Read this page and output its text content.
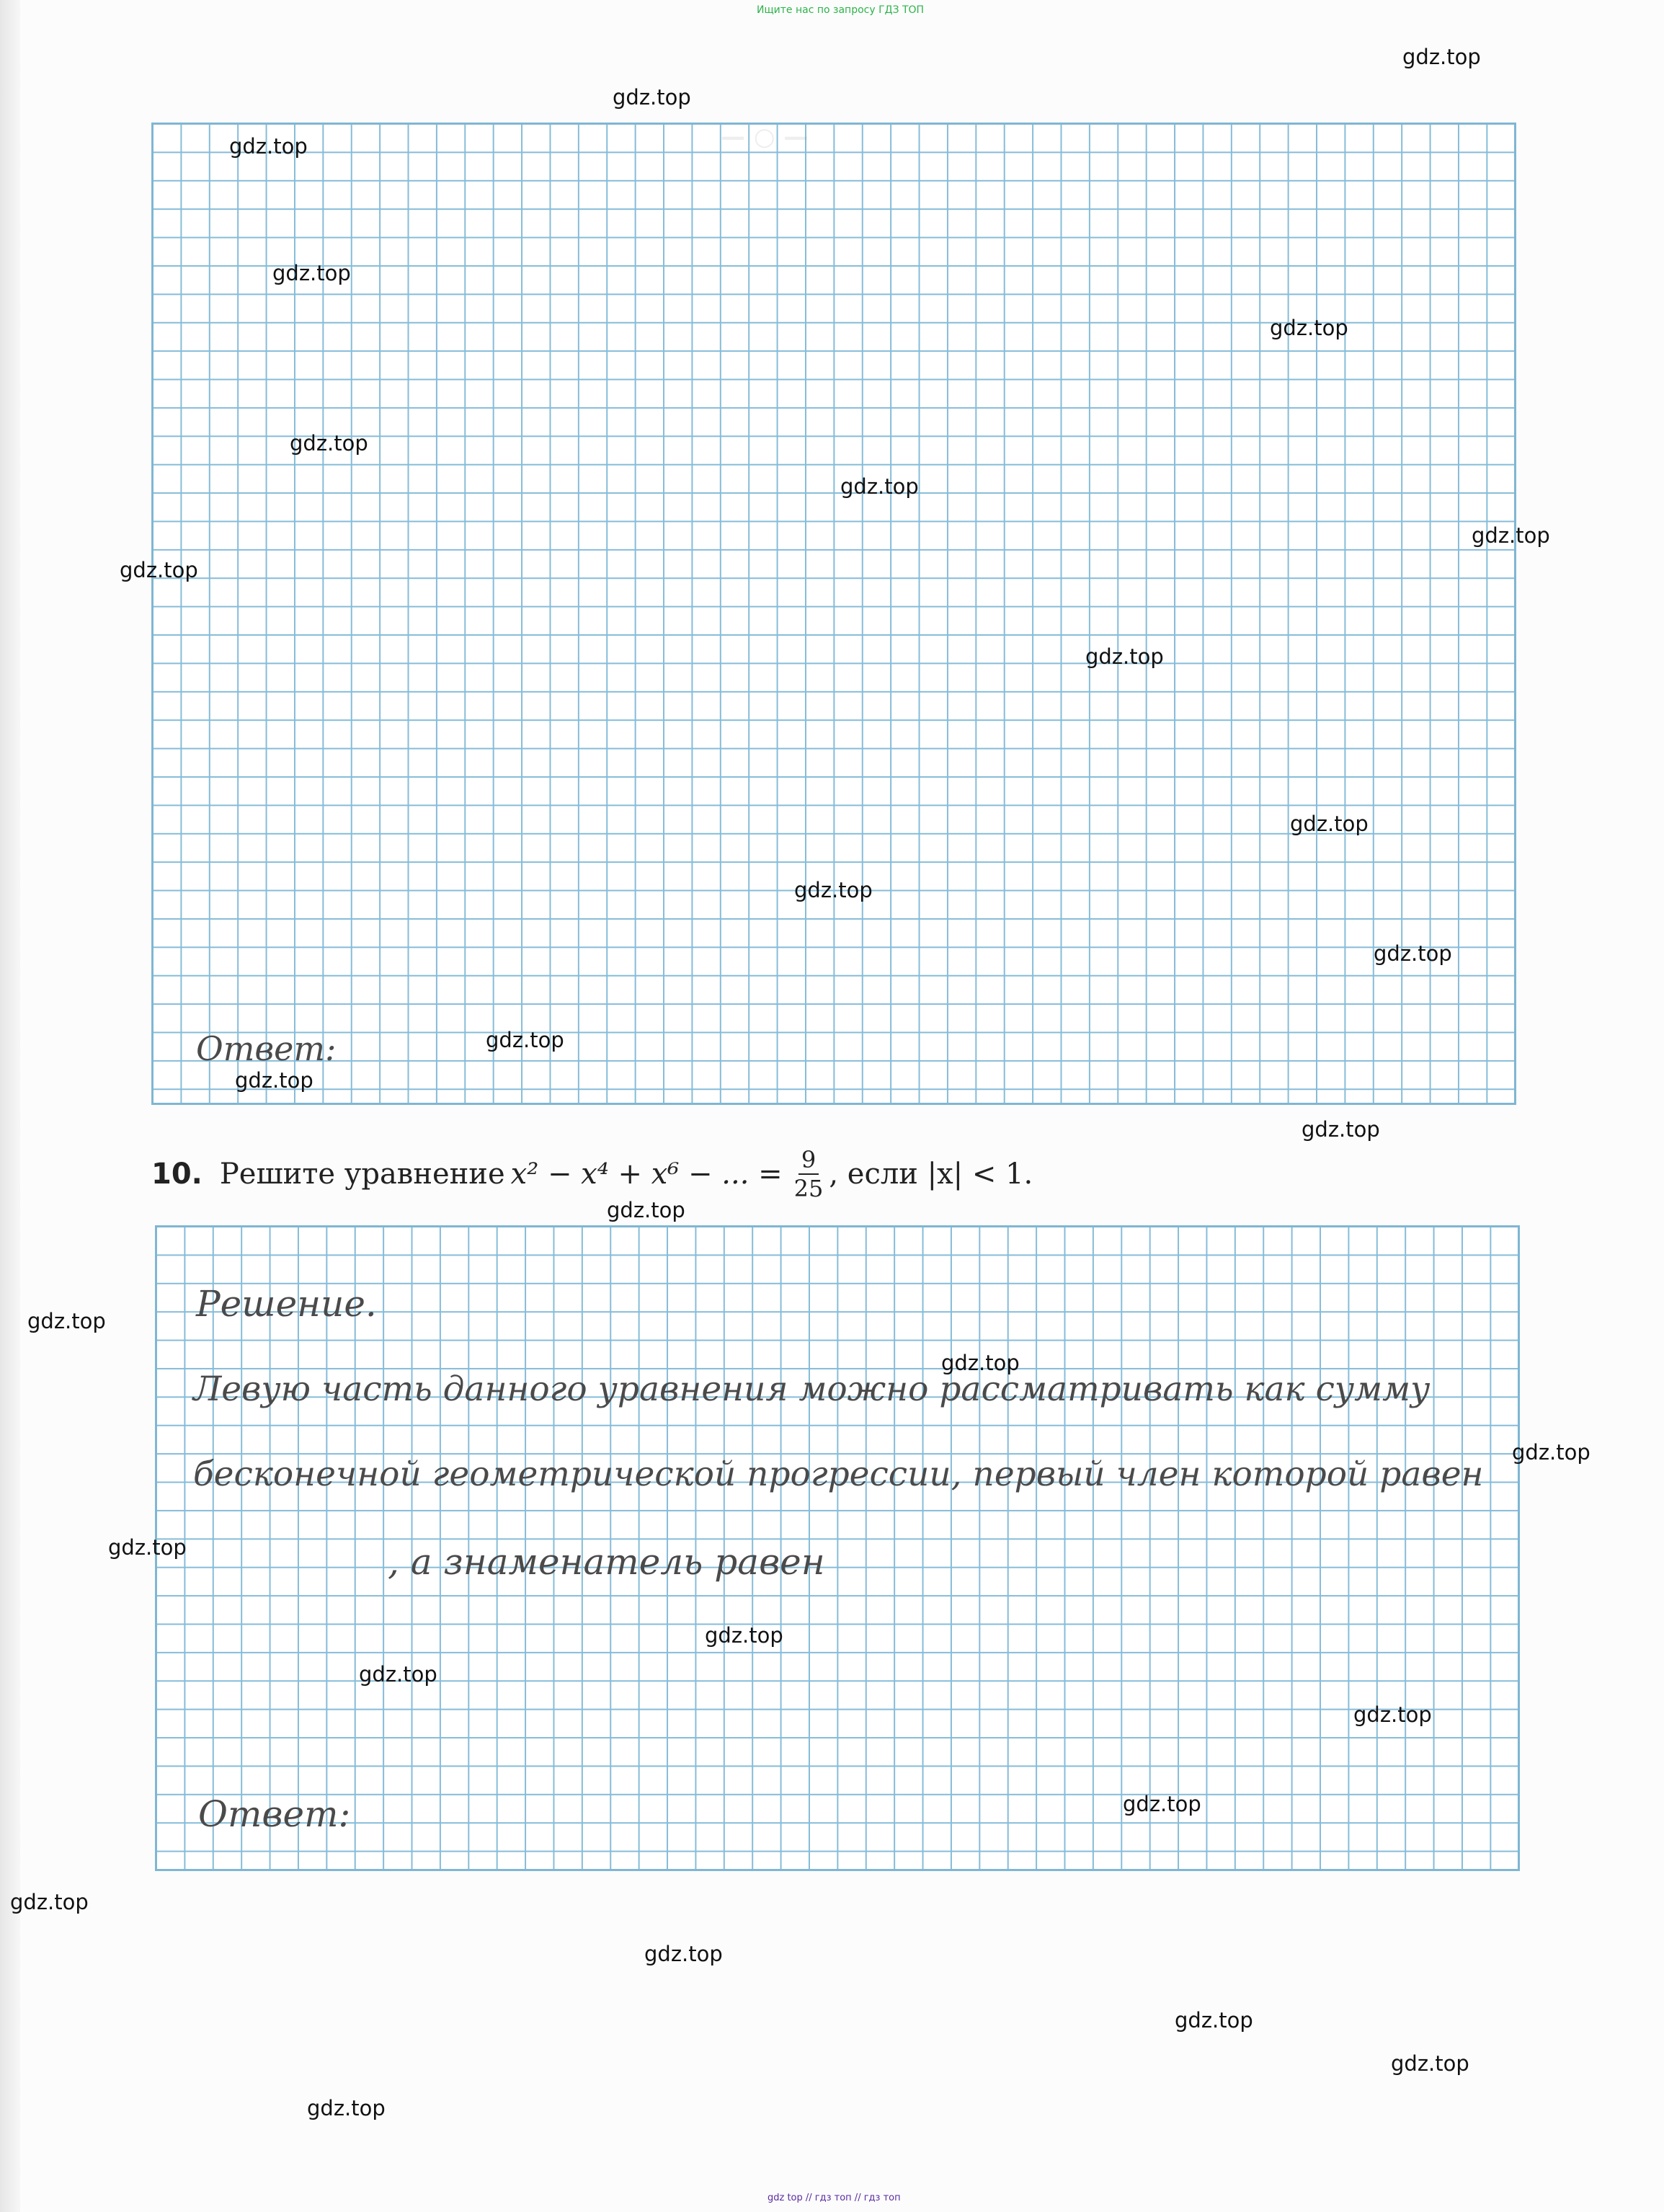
Ищите нас по запросу ГДЗ ТОП
— ○ —
Ответ:
10. Решите уравнение x² − x⁴ + x⁶ − ... = $\frac{9}{25}$ , если |x| < 1.
Решение.
Левую часть данного уравнения можно рассматривать как сумму
бесконечной геометрической прогрессии, первый член которой равен
, а знаменатель равен
Ответ:
gdz.top
gdz.top
gdz.top
gdz.top
gdz.top
gdz.top
gdz.top
gdz.top
gdz.top
gdz.top
gdz.top
gdz.top
gdz.top
gdz.top
gdz.top
gdz.top
gdz.top
gdz.top
gdz.top
gdz.top
gdz.top
gdz.top
gdz.top
gdz.top
gdz.top
gdz.top
gdz.top
gdz.top
gdz.top
gdz.top
gdz top // гдз топ // гдз топ
